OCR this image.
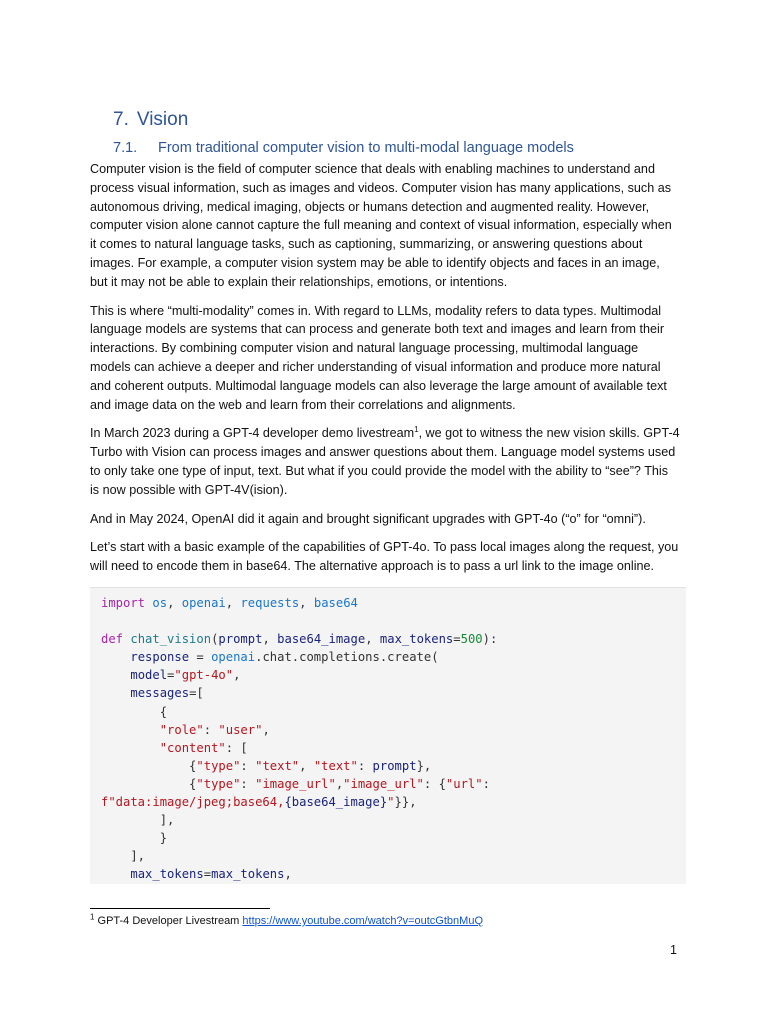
7. Vision
7.1. From traditional computer vision to multi-modal language models

Computer vision is the field of computer science that deals with enabling machines to understand and process visual information, such as images and videos. Computer vision has many applications, such as autonomous driving, medical imaging, objects or humans detection and augmented reality. However, computer vision alone cannot capture the full meaning and context of visual information, especially when it comes to natural language tasks, such as captioning, summarizing, or answering questions about images. For example, a computer vision system may be able to identify objects and faces in an image, but it may not be able to explain their relationships, emotions, or intentions.

This is where “multi-modality” comes in. With regard to LLMs, modality refers to data types. Multimodal language models are systems that can process and generate both text and images and learn from their interactions. By combining computer vision and natural language processing, multimodal language models can achieve a deeper and richer understanding of visual information and produce more natural and coherent outputs. Multimodal language models can also leverage the large amount of available text and image data on the web and learn from their correlations and alignments.

In March 2023 during a GPT-4 developer demo livestream$^1$, we got to witness the new vision skills. GPT-4 Turbo with Vision can process images and answer questions about them. Language model systems used to only take one type of input, text. But what if you could provide the model with the ability to “see”? This is now possible with GPT-4V(ision).

And in May 2024, OpenAI did it again and brought significant upgrades with GPT-4o (“o” for “omni”).

Let’s start with a basic example of the capabilities of GPT-4o. To pass local images along the request, you will need to encode them in base64. The alternative approach is to pass a url link to the image online.

import os, openai, requests, base64

def chat_vision(prompt, base64_image, max_tokens=500):
response = openai.chat.completions.create(
model="gpt-4o",
messages=[
{
"role": "user",
"content": [
{"type": "text", "text": prompt},
{"type": "image_url","image_url": {"url":
f"data:image/jpeg;base64,{base64_image}"}},
],
}
],
max_tokens=max_tokens,
$^1$ GPT-4 Developer Livestream https://www.youtube.com/watch?v=outcGtbnMuQ
1
